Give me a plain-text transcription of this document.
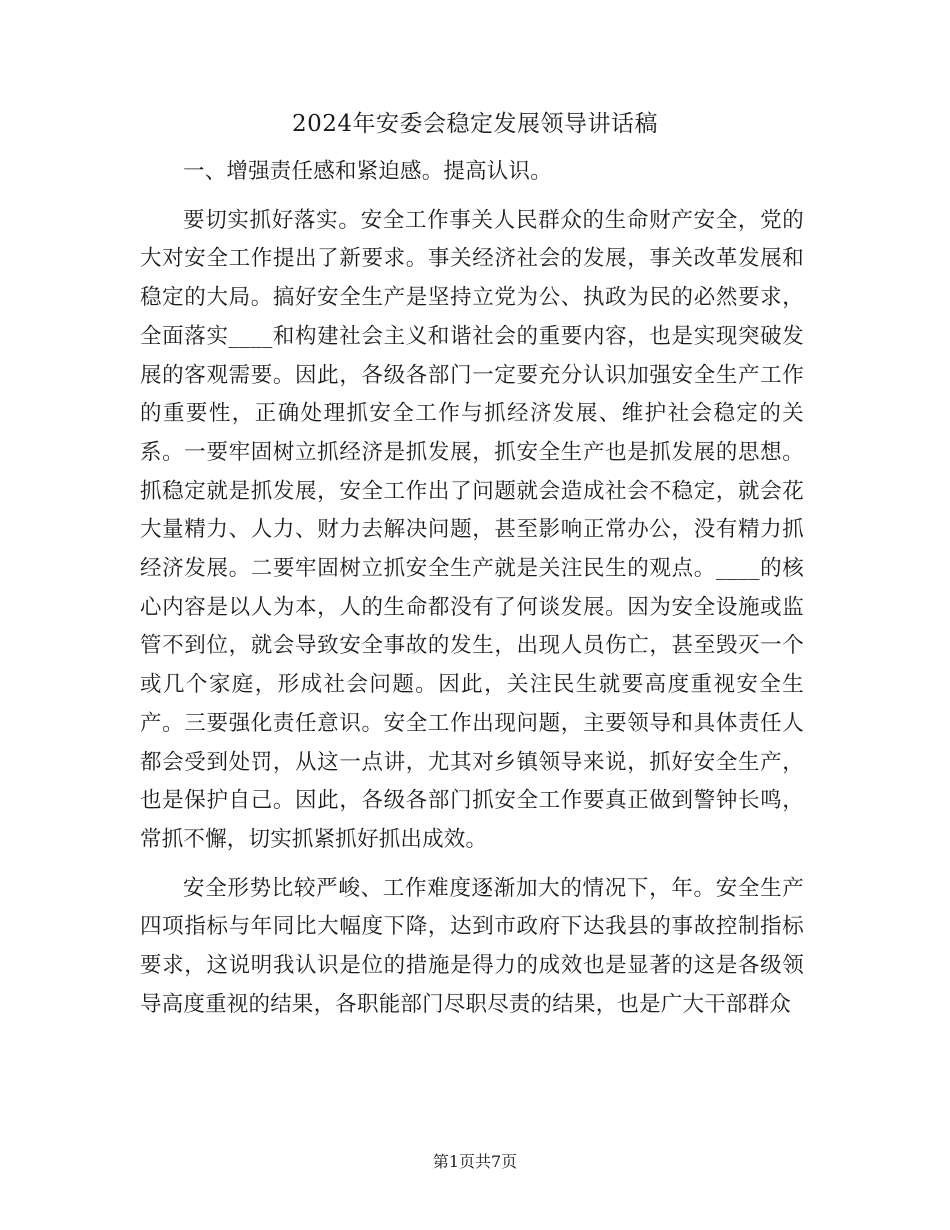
2024年安委会稳定发展领导讲话稿

一、增强责任感和紧迫感。提高认识。

要切实抓好落实。安全工作事关人民群众的生命财产安全，党的大对安全工作提出了新要求。事关经济社会的发展，事关改革发展和稳定的大局。搞好安全生产是坚持立党为公、执政为民的必然要求，全面落实____和构建社会主义和谐社会的重要内容，也是实现突破发展的客观需要。因此，各级各部门一定要充分认识加强安全生产工作的重要性，正确处理抓安全工作与抓经济发展、维护社会稳定的关系。一要牢固树立抓经济是抓发展，抓安全生产也是抓发展的思想。抓稳定就是抓发展，安全工作出了问题就会造成社会不稳定，就会花大量精力、人力、财力去解决问题，甚至影响正常办公，没有精力抓经济发展。二要牢固树立抓安全生产就是关注民生的观点。____的核心内容是以人为本，人的生命都没有了何谈发展。因为安全设施或监管不到位，就会导致安全事故的发生，出现人员伤亡，甚至毁灭一个或几个家庭，形成社会问题。因此，关注民生就要高度重视安全生产。三要强化责任意识。安全工作出现问题，主要领导和具体责任人都会受到处罚，从这一点讲，尤其对乡镇领导来说，抓好安全生产，也是保护自己。因此，各级各部门抓安全工作要真正做到警钟长鸣，常抓不懈，切实抓紧抓好抓出成效。

安全形势比较严峻、工作难度逐渐加大的情况下，年。安全生产四项指标与年同比大幅度下降，达到市政府下达我县的事故控制指标要求，这说明我认识是位的措施是得力的成效也是显著的这是各级领导高度重视的结果，各职能部门尽职尽责的结果，也是广大干部群众

第1页共7页
